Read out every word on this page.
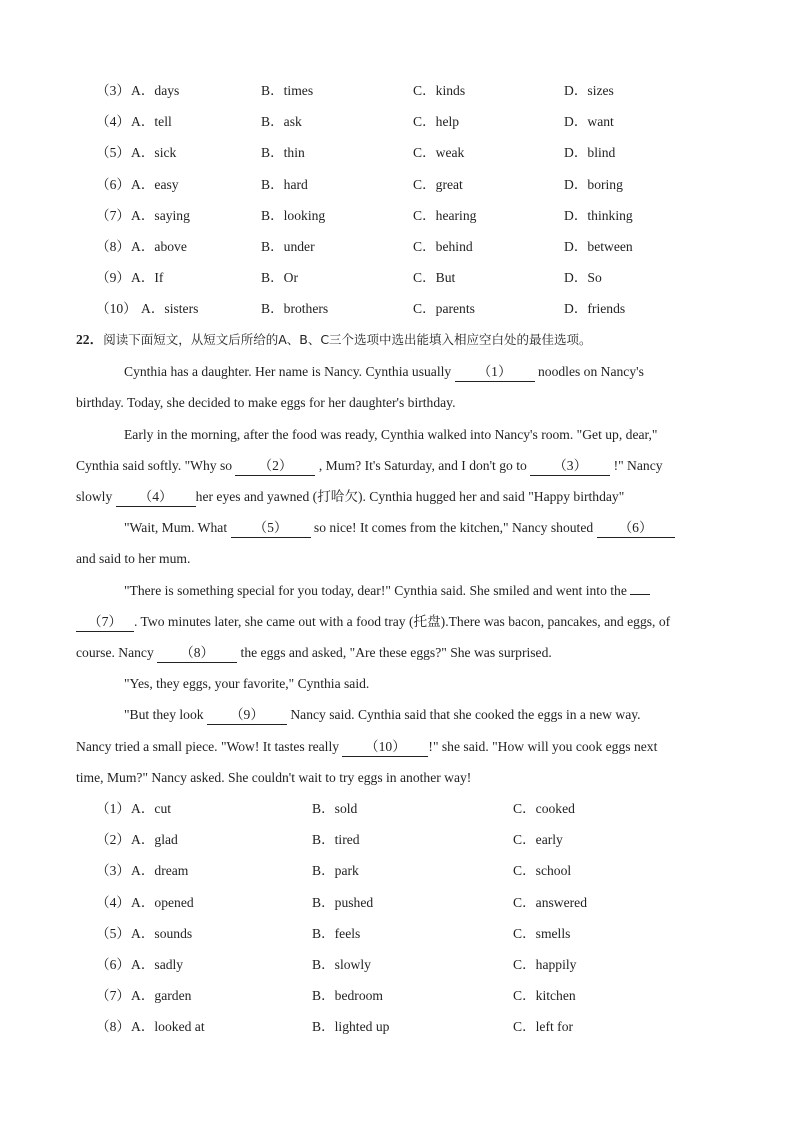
（3） A．days	B．times	C．kinds	D．sizes
（4） A．tell	B．ask	C．help	D．want
（5） A．sick	B．thin	C．weak	D．blind
（6） A．easy	B．hard	C．great	D．boring
（7） A．saying	B．looking	C．hearing	D．thinking
（8） A．above	B．under	C．behind	D．between
（9） A．If	B．Or	C．But	D．So
（10） A．sisters	B．brothers	C．parents	D．friends
22．阅读下面短文，从短文后所给的A、B、C三个选项中选出能填入相应空白处的最佳选项。
Cynthia has a daughter. Her name is Nancy. Cynthia usually （1） noodles on Nancy's
birthday. Today, she decided to make eggs for her daughter's birthday.
Early in the morning, after the food was ready, Cynthia walked into Nancy's room. "Get up, dear,"
Cynthia said softly. "Why so （2） , Mum? It's Saturday, and I don't go to （3） !" Nancy
slowly （4） her eyes and yawned (打哈欠). Cynthia hugged her and said "Happy birthday"
"Wait, Mum. What （5） so nice! It comes from the kitchen," Nancy shouted （6）
and said to her mum.
"There is something special for you today, dear!" Cynthia said. She smiled and went into the
（7） . Two minutes later, she came out with a food tray (托盘).There was bacon, pancakes, and eggs, of
course. Nancy （8） the eggs and asked, "Are these eggs?" She was surprised.
"Yes, they eggs, your favorite," Cynthia said.
"But they look （9） Nancy said. Cynthia said that she cooked the eggs in a new way.
Nancy tried a small piece. "Wow! It tastes really （10） !" she said. "How will you cook eggs next
time, Mum?" Nancy asked. She couldn't wait to try eggs in another way!
（1） A．cut	B．sold	C．cooked
（2） A．glad	B．tired	C．early
（3） A．dream	B．park	C．school
（4） A．opened	B．pushed	C．answered
（5） A．sounds	B．feels	C．smells
（6） A．sadly	B．slowly	C．happily
（7） A．garden	B．bedroom	C．kitchen
（8） A．looked at	B．lighted up	C．left for
